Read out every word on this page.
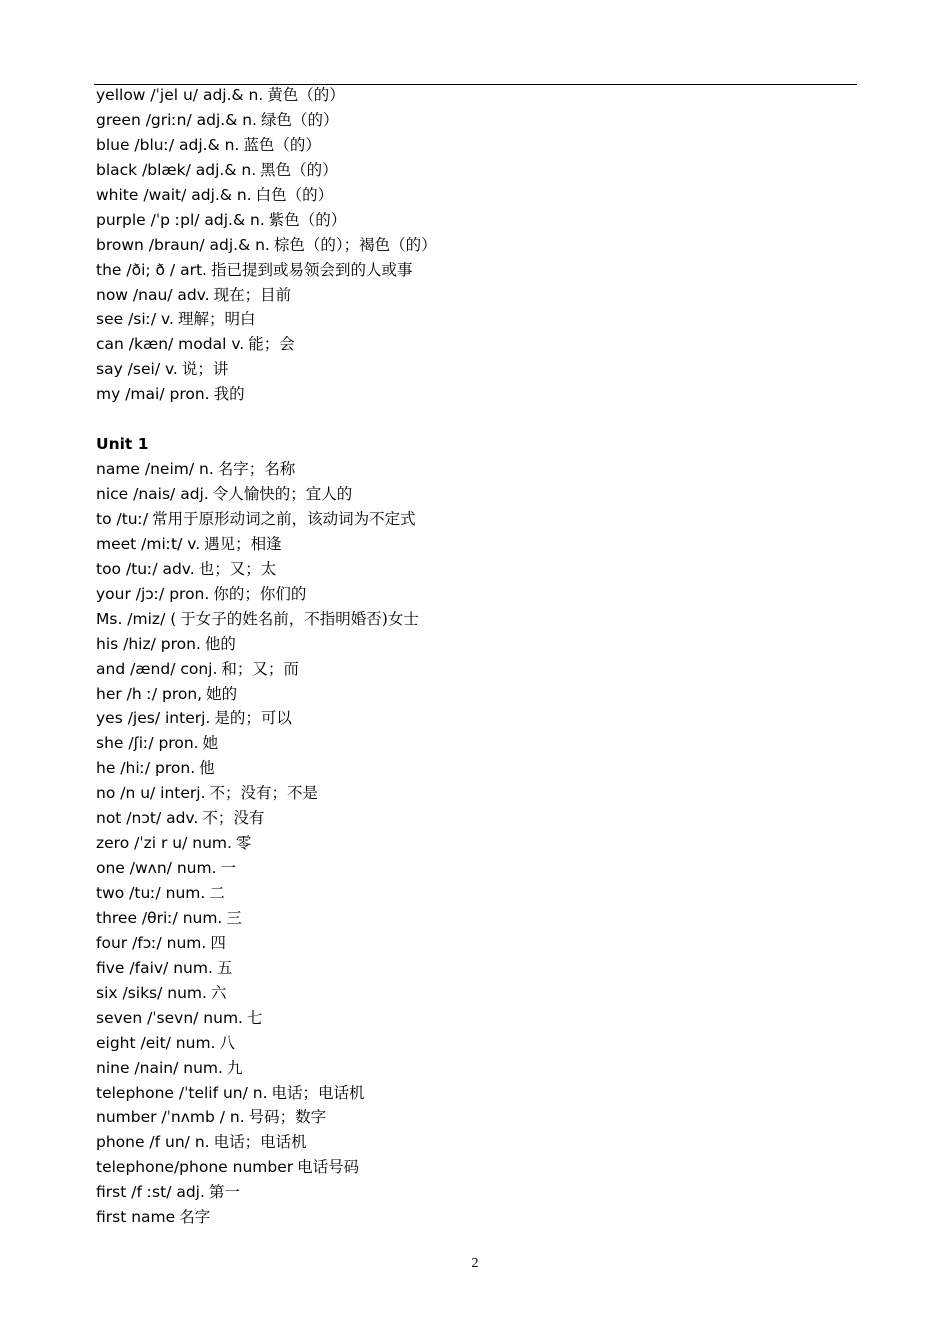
yellow /ˈjel u/ adj.& n. 黄色（的）
green /griːn/ adj.& n. 绿色（的）
blue /bluː/ adj.& n. 蓝色（的）
black /blæk/ adj.& n. 黑色（的）
white /wait/ adj.& n. 白色（的）
purple /ˈp ːpl/ adj.& n. 紫色（的）
brown /braun/ adj.& n. 棕色（的）；褐色（的）
the /ði; ð / art. 指已提到或易领会到的人或事
now /nau/ adv. 现在；目前
see /siː/ v. 理解；明白
can /kæn/ modal v. 能；会
say /sei/ v. 说；讲
my /mai/ pron. 我的
Unit 1
name /neim/ n. 名字；名称
nice /nais/ adj. 令人愉快的；宜人的
to /tuː/ 常用于原形动词之前，该动词为不定式
meet /miːt/ v. 遇见；相逢
too /tuː/ adv. 也；又；太
your /jɔː/ pron. 你的；你们的
Ms. /miz/ ( 于女子的姓名前，不指明婚否)女士
his /hiz/ pron. 他的
and /ænd/ conj. 和；又；而
her /h ː/ pron, 她的
yes /jes/ interj. 是的；可以
she /ʃiː/ pron. 她
he /hiː/ pron. 他
no /n u/ interj. 不；没有；不是
not /nɔt/ adv. 不；没有
zero /ˈzi r u/ num. 零
one /wʌn/ num. 一
two /tuː/ num. 二
three /θriː/ num. 三
four /fɔː/ num. 四
five /faiv/ num. 五
six /siks/ num. 六
seven /ˈsevn/ num. 七
eight /eit/ num. 八
nine /nain/ num. 九
telephone /ˈtelif un/ n. 电话；电话机
number /ˈnʌmb / n. 号码；数字
phone /f un/ n. 电话；电话机
telephone/phone number 电话号码
first /f ːst/ adj. 第一
first name 名字
2
